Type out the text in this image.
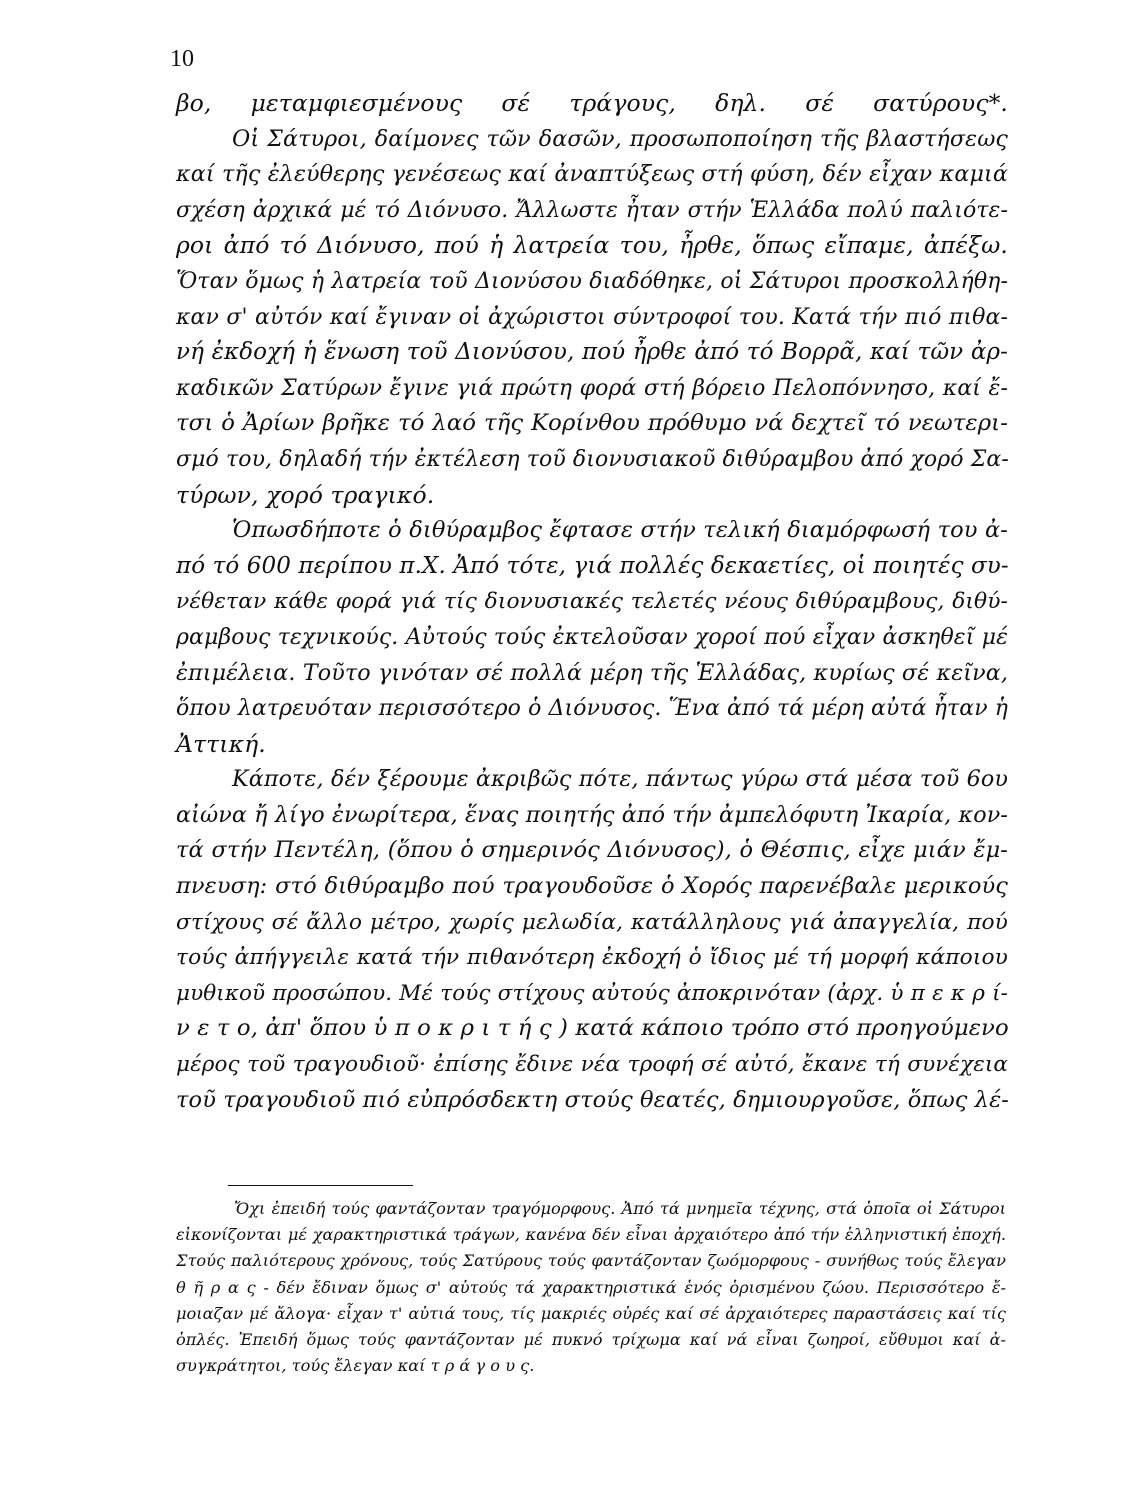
10
βο, μεταμφιεσμένους σέ τράγους, δηλ. σέ σατύρους*.
Οἱ Σάτυροι, δαίμονες τῶν δασῶν, προσωποποίηση τῆς βλαστήσεως
καί τῆς ἐλεύθερης γενέσεως καί ἀναπτύξεως στή φύση, δέν εἶχαν καμιά
σχέση ἀρχικά μέ τό Διόνυσο. Ἄλλωστε ἦταν στήν Ἑλλάδα πολύ παλιότε-
ροι ἀπό τό Διόνυσο, πού ἡ λατρεία του, ἦρθε, ὅπως εἴπαμε, ἀπέξω.
Ὅταν ὅμως ἡ λατρεία τοῦ Διονύσου διαδόθηκε, οἱ Σάτυροι προσκολλήθη-
καν σ' αὐτόν καί ἔγιναν οἱ ἀχώριστοι σύντροφοί του. Κατά τήν πιό πιθα-
νή ἐκδοχή ἡ ἕνωση τοῦ Διονύσου, πού ἦρθε ἀπό τό Βορρᾶ, καί τῶν ἀρ-
καδικῶν Σατύρων ἔγινε γιά πρώτη φορά στή βόρειο Πελοπόννησο, καί ἔ-
τσι ὁ Ἀρίων βρῆκε τό λαό τῆς Κορίνθου πρόθυμο νά δεχτεῖ τό νεωτερι-
σμό του, δηλαδή τήν ἐκτέλεση τοῦ διονυσιακοῦ διθύραμβου ἀπό χορό Σα-
τύρων, χορό τραγικό.
Ὁπωσδήποτε ὁ διθύραμβος ἔφτασε στήν τελική διαμόρφωσή του ἀ-
πό τό 600 περίπου π.Χ. Ἀπό τότε, γιά πολλές δεκαετίες, οἱ ποιητές συ-
νέθεταν κάθε φορά γιά τίς διονυσιακές τελετές νέους διθύραμβους, διθύ-
ραμβους τεχνικούς. Αὐτούς τούς ἐκτελοῦσαν χοροί πού εἶχαν ἀσκηθεῖ μέ
ἐπιμέλεια. Τοῦτο γινόταν σέ πολλά μέρη τῆς Ἑλλάδας, κυρίως σέ κεῖνα,
ὅπου λατρευόταν περισσότερο ὁ Διόνυσος. Ἕνα ἀπό τά μέρη αὐτά ἦταν ἡ
Ἀττική.
Κάποτε, δέν ξέρουμε ἀκριβῶς πότε, πάντως γύρω στά μέσα τοῦ 6ου
αἰώνα ἤ λίγο ἐνωρίτερα, ἕνας ποιητής ἀπό τήν ἀμπελόφυτη Ἰκαρία, κον-
τά στήν Πεντέλη, (ὅπου ὁ σημερινός Διόνυσος), ὁ Θέσπις, εἶχε μιάν ἔμ-
πνευση: στό διθύραμβο πού τραγουδοῦσε ὁ Χορός παρενέβαλε μερικούς
στίχους σέ ἄλλο μέτρο, χωρίς μελωδία, κατάλληλους γιά ἀπαγγελία, πού
τούς ἀπήγγειλε κατά τήν πιθανότερη ἐκδοχή ὁ ἴδιος μέ τή μορφή κάποιου
μυθικοῦ προσώπου. Μέ τούς στίχους αὐτούς ἀποκρινόταν (ἀρχ. ὑ π ε κ ρ ί-
ν ε τ ο, ἀπ' ὅπου ὑ π ο κ ρ ι τ ή ς ) κατά κάποιο τρόπο στό προηγούμενο
μέρος τοῦ τραγουδιοῦ· ἐπίσης ἔδινε νέα τροφή σέ αὐτό, ἔκανε τή συνέχεια
τοῦ τραγουδιοῦ πιό εὐπρόσδεκτη στούς θεατές, δημιουργοῦσε, ὅπως λέ-
Ὄχι ἐπειδή τούς φαντάζονταν τραγόμορφους. Ἀπό τά μνημεῖα τέχνης, στά ὁποῖα οἱ Σάτυροι
εἰκονίζονται μέ χαρακτηριστικά τράγων, κανένα δέν εἶναι ἀρχαιότερο ἀπό τήν ἑλληνιστική ἐποχή.
Στούς παλιότερους χρόνους, τούς Σατύρους τούς φαντάζονταν ζωόμορφους - συνήθως τούς ἔλεγαν
θ ῆ ρ α ς - δέν ἔδιναν ὅμως σ' αὐτούς τά χαρακτηριστικά ἑνός ὁρισμένου ζώου. Περισσότερο ἔ-
μοιαζαν μέ ἄλογα· εἶχαν τ' αὐτιά τους, τίς μακριές οὐρές καί σέ ἀρχαιότερες παραστάσεις καί τίς
ὁπλές. Ἐπειδή ὅμως τούς φαντάζονταν μέ πυκνό τρίχωμα καί νά εἶναι ζωηροί, εὔθυμοι καί ἀ-
συγκράτητοι, τούς ἔλεγαν καί τ ρ ά γ ο υ ς.
